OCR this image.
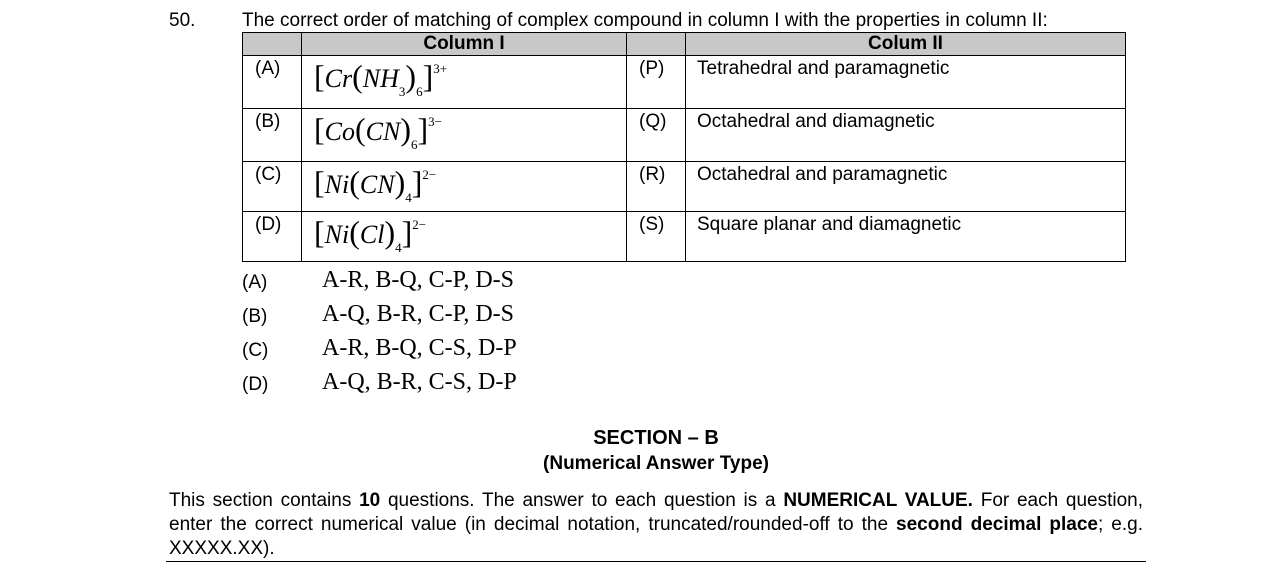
50. The correct order of matching of complex compound in column I with the properties in column II:
	Column I		Colum II
(A)	$[Cr(NH_3)_6]^{3+}$	(P)	Tetrahedral and paramagnetic
(B)	$[Co(CN)_6]^{3-}$	(Q)	Octahedral and diamagnetic
(C)	$[Ni(CN)_4]^{2-}$	(R)	Octahedral and paramagnetic
(D)	$[Ni(Cl)_4]^{2-}$	(S)	Square planar and diamagnetic
(A) A-R, B-Q, C-P, D-S
(B) A-Q, B-R, C-P, D-S
(C) A-R, B-Q, C-S, D-P
(D) A-Q, B-R, C-S, D-P
SECTION – B
(Numerical Answer Type)
This section contains 10 questions. The answer to each question is a NUMERICAL VALUE. For each question, enter the correct numerical value (in decimal notation, truncated/rounded-off to the second decimal place; e.g. XXXXX.XX).
